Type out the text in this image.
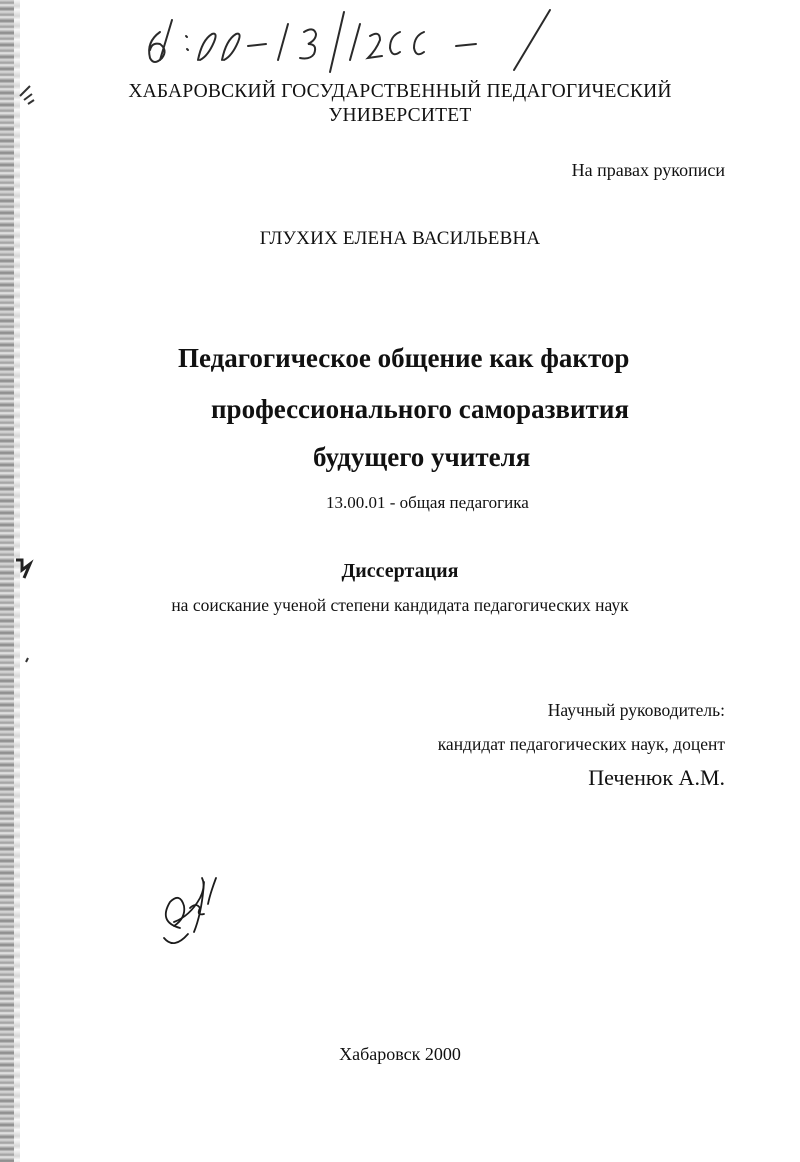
ХАБАРОВСКИЙ ГОСУДАРСТВЕННЫЙ ПЕДАГОГИЧЕСКИЙ
УНИВЕРСИТЕТ
На правах рукописи
ГЛУХИХ ЕЛЕНА ВАСИЛЬЕВНА
Педагогическое общение как фактор
профессионального саморазвития
будущего учителя
13.00.01 - общая педагогика
Диссертация
на соискание ученой степени кандидата педагогических наук
Научный руководитель:
кандидат педагогических наук, доцент
Печенюк А.М.
Хабаровск 2000
